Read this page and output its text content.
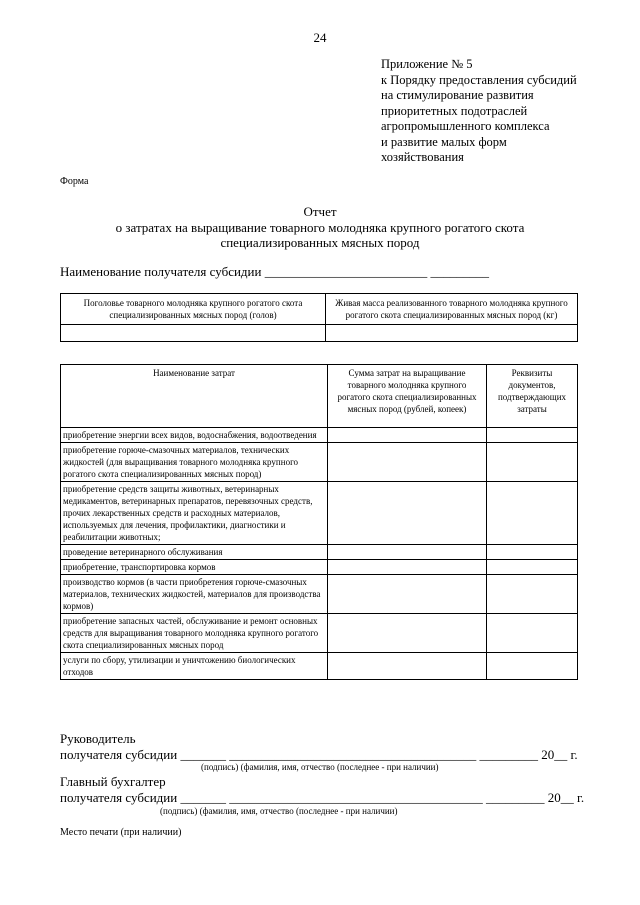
24
Приложение № 5
к Порядку предоставления субсидий
на стимулирование развития
приоритетных подотраслей
агропромышленного комплекса
и развитие малых форм
хозяйствования
Форма
Отчет
о затратах на выращивание товарного молодняка крупного рогатого скота
специализированных мясных пород
Наименование получателя субсидии _________________________ _________
Поголовье товарного молодняка крупного рогатого скота специализированных мясных пород (голов)	Живая масса реализованного товарного молодняка крупного рогатого скота специализированных мясных пород (кг)

Наименование затрат	Сумма затрат на выращивание товарного молодняка крупного рогатого скота специализированных мясных пород (рублей, копеек)	Реквизиты документов, подтверждающих затраты
приобретение энергии всех видов, водоснабжения, водоотведения		
приобретение горюче-смазочных материалов, технических жидкостей (для выращивания товарного молодняка крупного рогатого скота специализированных мясных пород)		
приобретение средств защиты животных, ветеринарных медикаментов, ветеринарных препаратов, перевязочных средств, прочих лекарственных средств и расходных материалов, используемых для лечения, профилактики, диагностики и реабилитации животных;		
проведение ветеринарного обслуживания		
приобретение, транспортировка кормов		
производство кормов (в части приобретения горюче-смазочных материалов, технических жидкостей, материалов для производства кормов)		
приобретение запасных частей, обслуживание и ремонт основных средств для выращивания товарного молодняка крупного рогатого скота специализированных мясных пород		
услуги по сбору, утилизации и уничтожению биологических отходов		
Руководитель
получателя субсидии _______ ______________________________________ _________ 20__ г.
(подпись) (фамилия, имя, отчество (последнее - при наличии)
Главный бухгалтер
получателя субсидии _______ _______________________________________ _________ 20__ г.
(подпись) (фамилия, имя, отчество (последнее - при наличии)
Место печати (при наличии)
